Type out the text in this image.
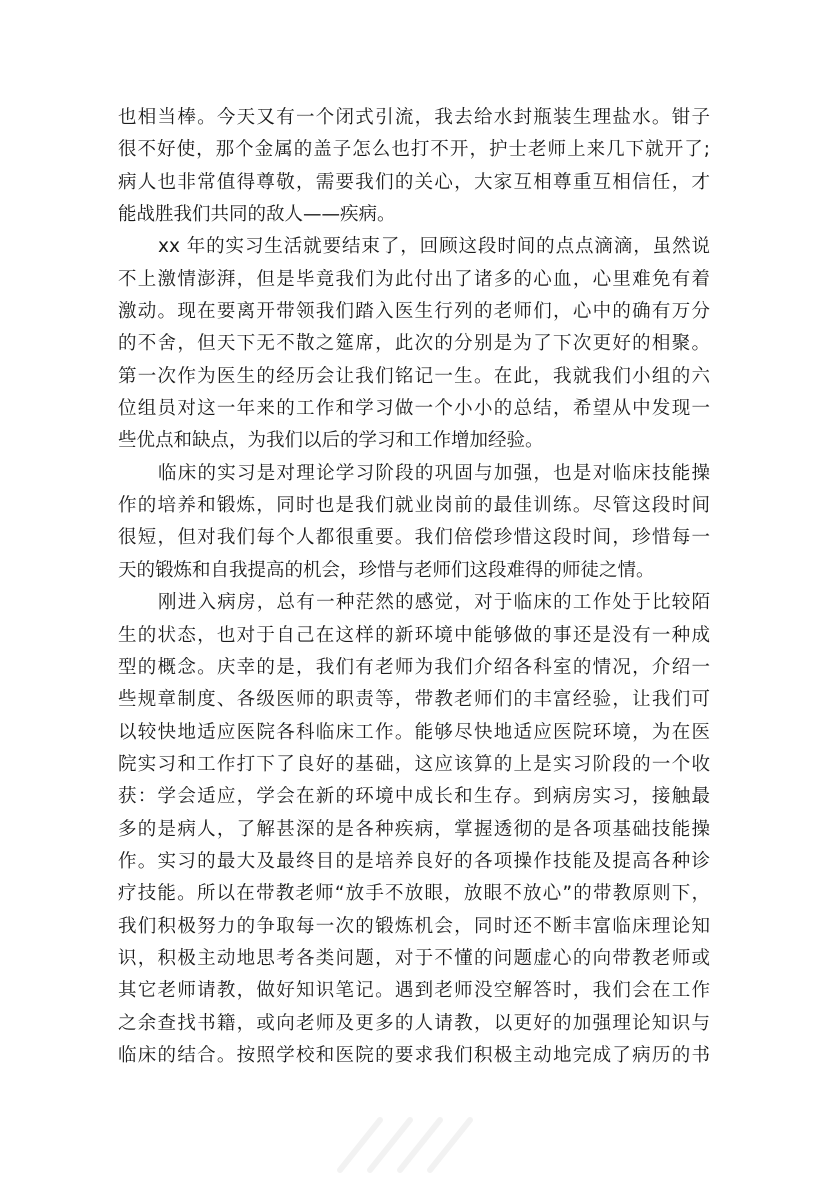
也相当棒。今天又有一个闭式引流，我去给水封瓶装生理盐水。钳子
很不好使，那个金属的盖子怎么也打不开，护士老师上来几下就开了;
病人也非常值得尊敬，需要我们的关心，大家互相尊重互相信任，才
能战胜我们共同的敌人——疾病。
xx 年的实习生活就要结束了，回顾这段时间的点点滴滴，虽然说
不上激情澎湃，但是毕竟我们为此付出了诸多的心血，心里难免有着
激动。现在要离开带领我们踏入医生行列的老师们，心中的确有万分
的不舍，但天下无不散之筵席，此次的分别是为了下次更好的相聚。
第一次作为医生的经历会让我们铭记一生。在此，我就我们小组的六
位组员对这一年来的工作和学习做一个小小的总结，希望从中发现一
些优点和缺点，为我们以后的学习和工作增加经验。
临床的实习是对理论学习阶段的巩固与加强，也是对临床技能操
作的培养和锻炼，同时也是我们就业岗前的最佳训练。尽管这段时间
很短，但对我们每个人都很重要。我们倍偿珍惜这段时间，珍惜每一
天的锻炼和自我提高的机会，珍惜与老师们这段难得的师徒之情。
刚进入病房，总有一种茫然的感觉，对于临床的工作处于比较陌
生的状态，也对于自己在这样的新环境中能够做的事还是没有一种成
型的概念。庆幸的是，我们有老师为我们介绍各科室的情况，介绍一
些规章制度、各级医师的职责等，带教老师们的丰富经验，让我们可
以较快地适应医院各科临床工作。能够尽快地适应医院环境，为在医
院实习和工作打下了良好的基础，这应该算的上是实习阶段的一个收
获：学会适应，学会在新的环境中成长和生存。到病房实习，接触最
多的是病人，了解甚深的是各种疾病，掌握透彻的是各项基础技能操
作。实习的最大及最终目的是培养良好的各项操作技能及提高各种诊
疗技能。所以在带教老师“放手不放眼，放眼不放心”的带教原则下，
我们积极努力的争取每一次的锻炼机会，同时还不断丰富临床理论知
识，积极主动地思考各类问题，对于不懂的问题虚心的向带教老师或
其它老师请教，做好知识笔记。遇到老师没空解答时，我们会在工作
之余查找书籍，或向老师及更多的人请教，以更好的加强理论知识与
临床的结合。按照学校和医院的要求我们积极主动地完成了病历的书
